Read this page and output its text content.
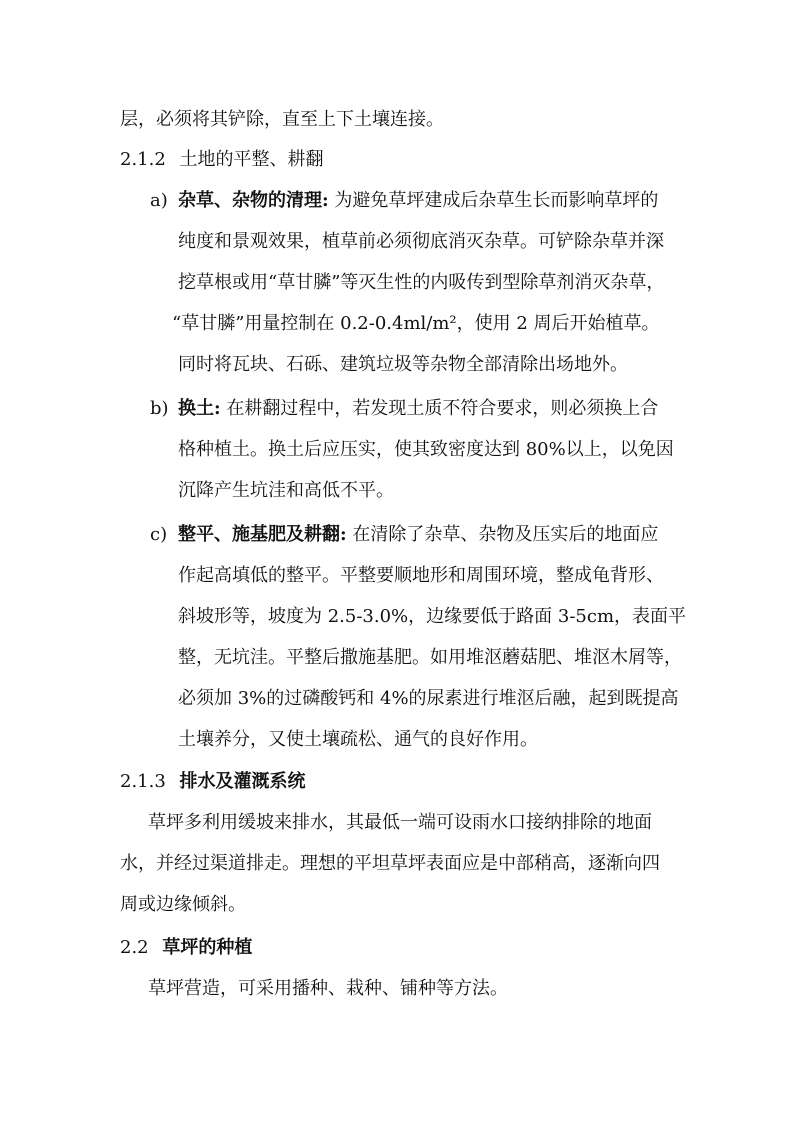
层，必须将其铲除，直至上下土壤连接。
2.1.2 土地的平整、耕翻
a) 杂草、杂物的清理: 为避免草坪建成后杂草生长而影响草坪的
纯度和景观效果，植草前必须彻底消灭杂草。可铲除杂草并深
挖草根或用“草甘膦”等灭生性的内吸传到型除草剂消灭杂草，
“草甘膦”用量控制在 0.2-0.4ml/m²，使用 2 周后开始植草。
同时将瓦块、石砾、建筑垃圾等杂物全部清除出场地外。
b) 换土: 在耕翻过程中，若发现土质不符合要求，则必须换上合
格种植土。换土后应压实，使其致密度达到 80%以上，以免因
沉降产生坑洼和高低不平。
c) 整平、施基肥及耕翻: 在清除了杂草、杂物及压实后的地面应
作起高填低的整平。平整要顺地形和周围环境，整成龟背形、
斜坡形等，坡度为 2.5-3.0%，边缘要低于路面 3-5cm，表面平
整，无坑洼。平整后撒施基肥。如用堆沤蘑菇肥、堆沤木屑等，
必须加 3%的过磷酸钙和 4%的尿素进行堆沤后融，起到既提高
土壤养分，又使土壤疏松、通气的良好作用。
2.1.3 排水及灌溉系统
草坪多利用缓坡来排水，其最低一端可设雨水口接纳排除的地面
水，并经过渠道排走。理想的平坦草坪表面应是中部稍高，逐渐向四
周或边缘倾斜。
2.2 草坪的种植
草坪营造，可采用播种、栽种、铺种等方法。
